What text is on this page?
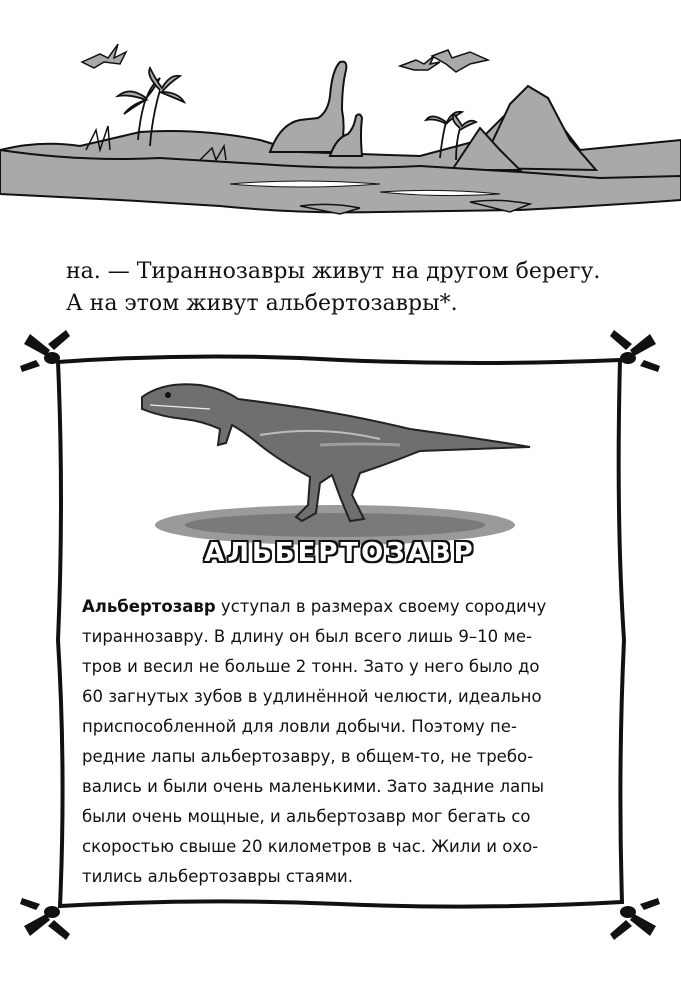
на. — Тираннозавры живут на другом берегу.
А на этом живут альбертозавры*.

АЛЬБЕРТОЗАВР

Альбертозавр уступал в размерах своему сородичу
тираннозавру. В длину он был всего лишь 9–10 ме-
тров и весил не больше 2 тонн. Зато у него было до
60 загнутых зубов в удлинённой челюсти, идеально
приспособленной для ловли добычи. Поэтому пе-
редние лапы альбертозавру, в общем-то, не требо-
вались и были очень маленькими. Зато задние лапы
были очень мощные, и альбертозавр мог бегать со
скоростью свыше 20 километров в час. Жили и охо-
тились альбертозавры стаями.
